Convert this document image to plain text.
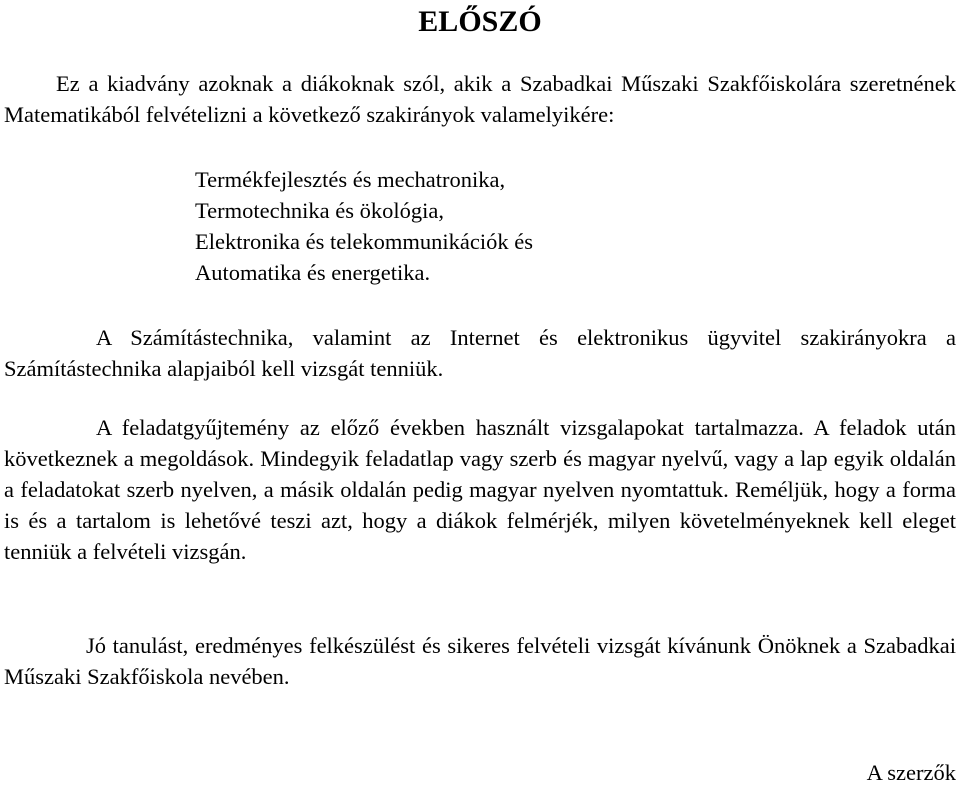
ELŐSZÓ

Ez a kiadvány azoknak a diákoknak szól, akik a Szabadkai Műszaki Szakfőiskolára szeretnének Matematikából felvételizni a következő szakirányok valamelyikére:

Termékfejlesztés és mechatronika,
Termotechnika és ökológia,
Elektronika és telekommunikációk és
Automatika és energetika.

A Számítástechnika, valamint az Internet és elektronikus ügyvitel szakirányokra a Számítástechnika alapjaiból kell vizsgát tenniük.

A feladatgyűjtemény az előző években használt vizsgalapokat tartalmazza. A feladok után következnek a megoldások. Mindegyik feladatlap vagy szerb és magyar nyelvű, vagy a lap egyik oldalán a feladatokat szerb nyelven, a másik oldalán pedig magyar nyelven nyomtattuk. Reméljük, hogy a forma is és a tartalom is lehetővé teszi azt, hogy a diákok felmérjék, milyen követelményeknek kell eleget tenniük a felvételi vizsgán.

Jó tanulást, eredményes felkészülést és sikeres felvételi vizsgát kívánunk Önöknek a Szabadkai Műszaki Szakfőiskola nevében.

A szerzők
